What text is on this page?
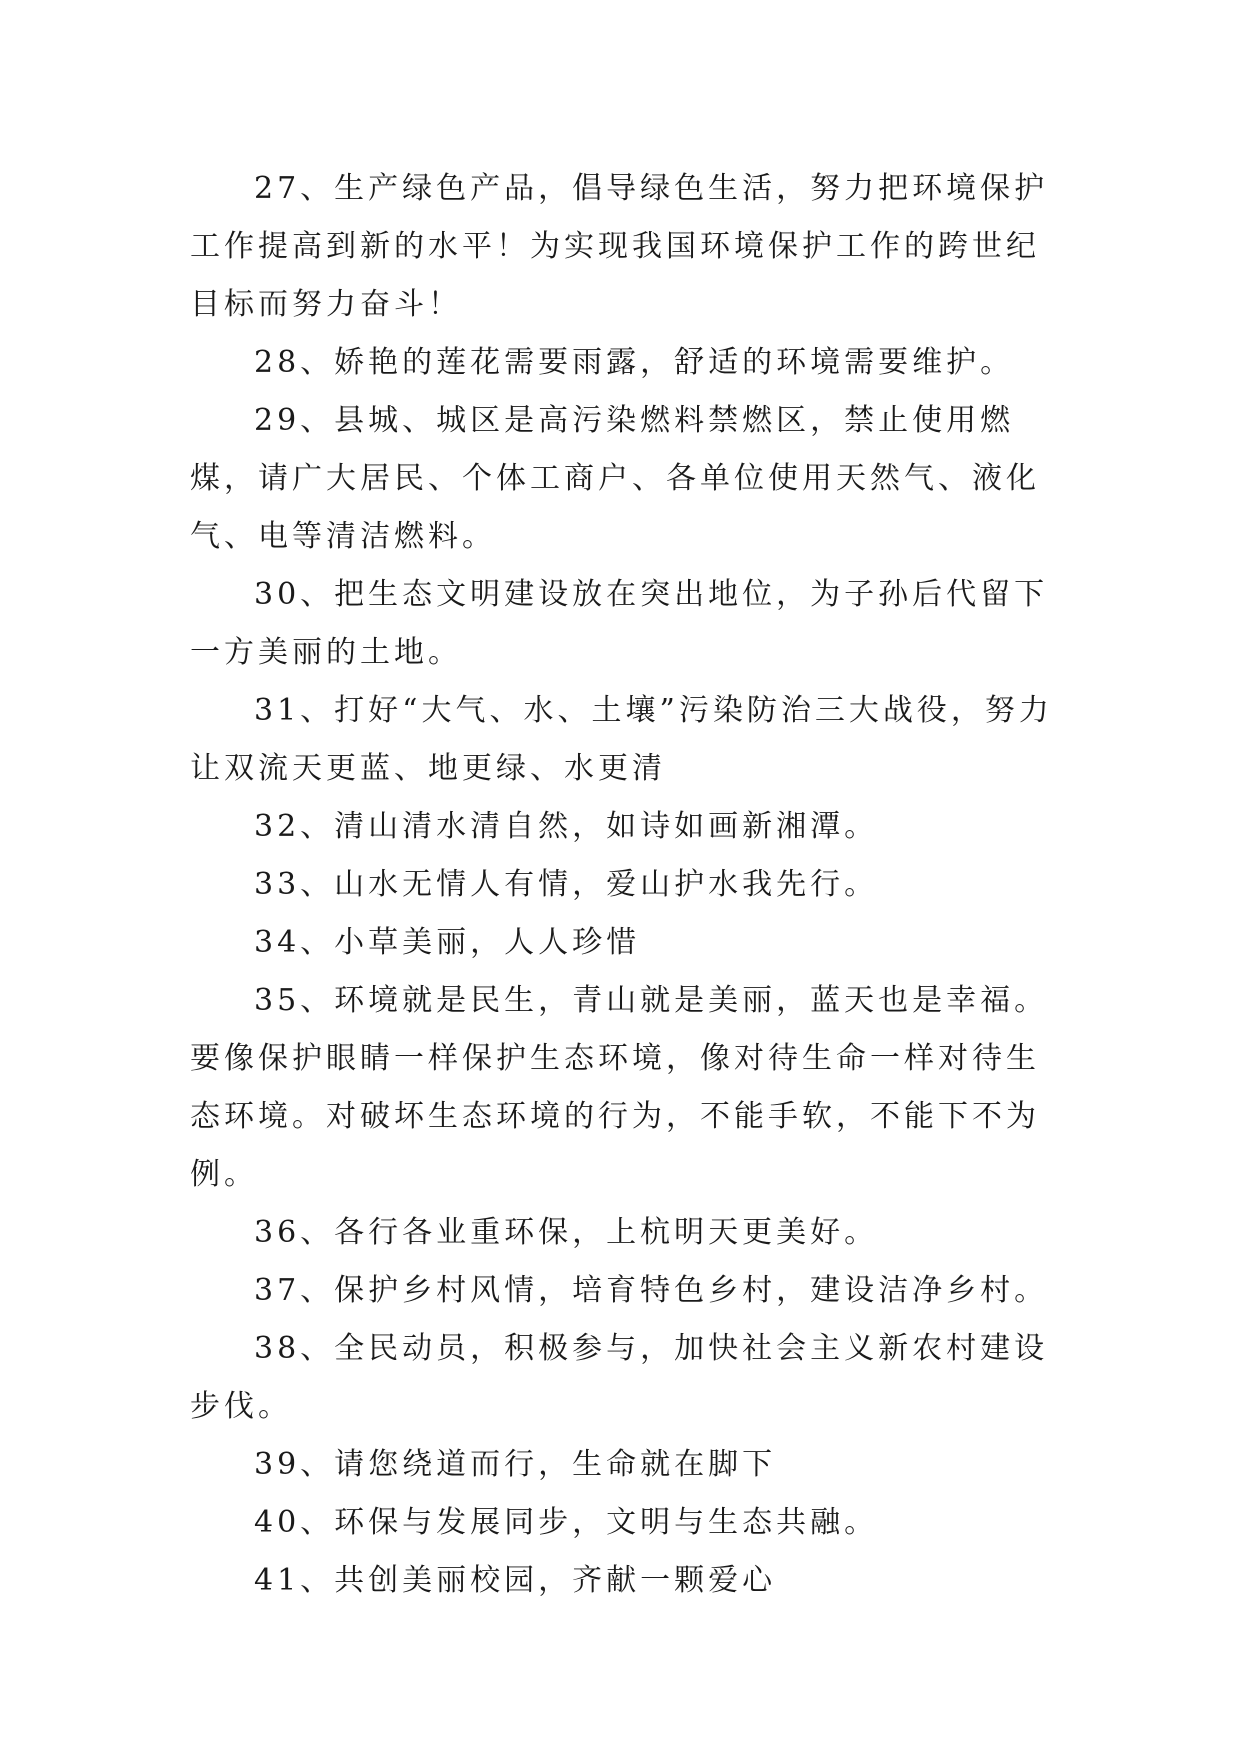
27、生产绿色产品，倡导绿色生活，努力把环境保护工作提高到新的水平！为实现我国环境保护工作的跨世纪目标而努力奋斗！

28、娇艳的莲花需要雨露，舒适的环境需要维护。

29、县城、城区是高污染燃料禁燃区，禁止使用燃煤，请广大居民、个体工商户、各单位使用天然气、液化气、电等清洁燃料。

30、把生态文明建设放在突出地位，为子孙后代留下一方美丽的土地。

31、打好“大气、水、土壤”污染防治三大战役，努力让双流天更蓝、地更绿、水更清

32、清山清水清自然，如诗如画新湘潭。

33、山水无情人有情，爱山护水我先行。

34、小草美丽，人人珍惜

35、环境就是民生，青山就是美丽，蓝天也是幸福。要像保护眼睛一样保护生态环境，像对待生命一样对待生态环境。对破坏生态环境的行为，不能手软，不能下不为例。

36、各行各业重环保，上杭明天更美好。

37、保护乡村风情，培育特色乡村，建设洁净乡村。

38、全民动员，积极参与，加快社会主义新农村建设步伐。

39、请您绕道而行，生命就在脚下

40、环保与发展同步，文明与生态共融。

41、共创美丽校园，齐献一颗爱心
